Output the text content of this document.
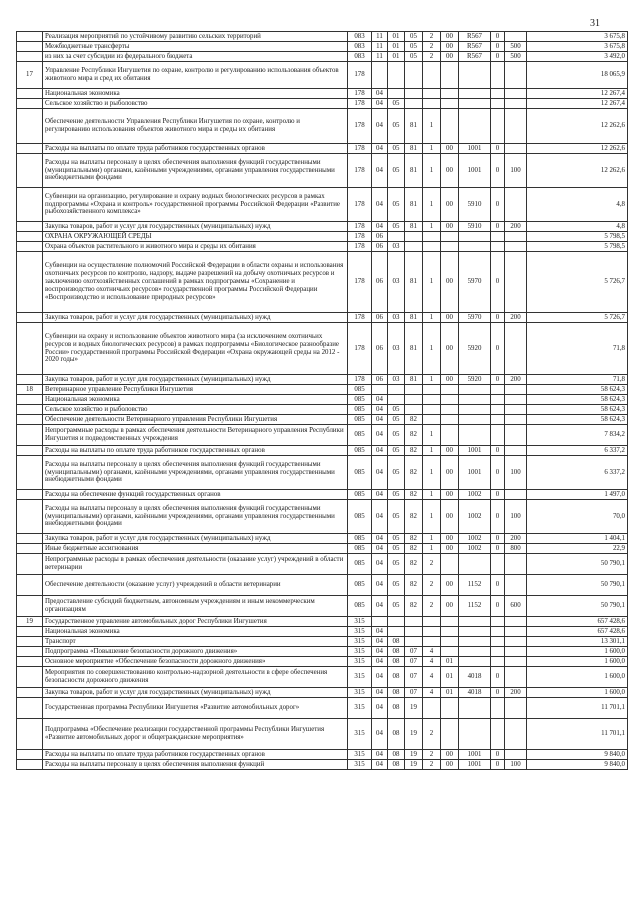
31
	Реализация мероприятий по устойчивому развитию сельских территорий	083	11	01	05	2	00	R567	0		3 675,8
	Межбюджетные трансферты	083	11	01	05	2	00	R567	0	500	3 675,8
	из них за счет субсидии из федерального бюджета	083	11	01	05	2	00	R567	0	500	3 492,0
17	Управление Республики Ингушетия по охране, контролю и регулированию использования объектов животного мира и сред их обитания	178									18 065,9
	Национальная экономика	178	04								12 267,4
	Сельское хозяйство и рыболовство	178	04	05							12 267,4
	Обеспечение деятельности Управления Республики Ингушетия по охране, контролю и регулированию использования объектов животного мира и среды их обитания	178	04	05	81	1					12 262,6
	Расходы на выплаты по оплате труда работников государственных органов	178	04	05	81	1	00	1001	0		12 262,6
	Расходы на выплаты персоналу в целях обеспечения выполнения функций государственными (муниципальными) органами, казёнными учреждениями, органами управления государственными внебюджетными фондами	178	04	05	81	1	00	1001	0	100	12 262,6
	Субвенции на организацию, регулирование и охрану водных биологических ресурсов в рамках подпрограммы «Охрана и контроль» государственной программы Российской Федерации «Развитие рыбохозяйственного комплекса»	178	04	05	81	1	00	5910	0		4,8
	Закупка товаров, работ и услуг для государственных (муниципальных) нужд	178	04	05	81	1	00	5910	0	200	4,8
	ОХРАНА ОКРУЖАЮЩЕЙ СРЕДЫ	178	06								5 798,5
	Охрана объектов растительного и животного мира и среды их обитания	178	06	03							5 798,5
	Субвенции на осуществление полномочий Российской Федерации в области охраны и использования охотничьих ресурсов по контролю, надзору, выдаче разрешений на добычу охотничьих ресурсов и заключению охотхозяйственных соглашений в рамках подпрограммы «Сохранение и воспроизводство охотничьих ресурсов» государственной программы Российской Федерации «Воспроизводство и использование природных ресурсов»	178	06	03	81	1	00	5970	0		5 726,7
	Закупка товаров, работ и услуг для государственных (муниципальных) нужд	178	06	03	81	1	00	5970	0	200	5 726,7
	Субвенции на охрану и использование объектов животного мира (за исключением охотничьих ресурсов и водных биологических ресурсов) в рамках подпрограммы «Биологическое разнообразие России» государственной программы Российской Федерации «Охрана окружающей среды на 2012 - 2020 годы»	178	06	03	81	1	00	5920	0		71,8
	Закупка товаров, работ и услуг для государственных (муниципальных) нужд	178	06	03	81	1	00	5920	0	200	71,8
18	Ветеринарное управление Республики Ингушетия	085									58 624,3
	Национальная экономика	085	04								58 624,3
	Сельское хозяйство и рыболовство	085	04	05							58 624,3
	Обеспечение деятельности Ветеринарного управления Республики Ингушетия	085	04	05	82						58 624,3
	Непрограммные расходы в рамках обеспечения деятельности Ветеринарного управления Республики Ингушетия и подведомственных учреждения	085	04	05	82	1					7 834,2
	Расходы на выплаты по оплате труда работников государственных органов	085	04	05	82	1	00	1001	0		6 337,2
	Расходы на выплаты персоналу в целях обеспечения выполнения функций государственными (муниципальными) органами, казёнными учреждениями, органами управления государственными внебюджетными фондами	085	04	05	82	1	00	1001	0	100	6 337,2
	Расходы на обеспечение функций государственных органов	085	04	05	82	1	00	1002	0		1 497,0
	Расходы на выплаты персоналу в целях обеспечения выполнения функций государственными (муниципальными) органами, казёнными учреждениями, органами управления государственными внебюджетными фондами	085	04	05	82	1	00	1002	0	100	70,0
	Закупка товаров, работ и услуг для государственных (муниципальных) нужд	085	04	05	82	1	00	1002	0	200	1 404,1
	Иные бюджетные ассигнования	085	04	05	82	1	00	1002	0	800	22,9
	Непрограммные расходы в рамках обеспечения деятельности (оказание услуг) учреждений в области ветеринарии	085	04	05	82	2					50 790,1
	Обеспечение деятельности (оказание услуг) учреждений в области ветеринарии	085	04	05	82	2	00	1152	0		50 790,1
	Предоставление субсидий бюджетным, автономным учреждениям и иным некоммерческим организациям	085	04	05	82	2	00	1152	0	600	50 790,1
19	Государственное управление автомобильных дорог Республики Ингушетия	315									657 428,6
	Национальная экономика	315	04								657 428,6
	Транспорт	315	04	08							13 301,1
	Подпрограмма «Повышение безопасности дорожного движения»	315	04	08	07	4					1 600,0
	Основное мероприятие «Обеспечение безопасности дорожного движения»	315	04	08	07	4	01				1 600,0
	Мероприятия по совершенствованию контрольно-надзорной деятельности в сфере обеспечения безопасности дорожного движения	315	04	08	07	4	01	4018	0		1 600,0
	Закупка товаров, работ и услуг для государственных (муниципальных) нужд	315	04	08	07	4	01	4018	0	200	1 600,0
	Государственная программа Республики Ингушетия «Развитие автомобильных дорог»	315	04	08	19						11 701,1
	Подпрограмма «Обеспечение реализации государственной программы Республики Ингушетия «Развитие автомобильных дорог и общегражданские мероприятия»	315	04	08	19	2					11 701,1
	Расходы на выплаты по оплате труда работников государственных органов	315	04	08	19	2	00	1001	0		9 840,0
	Расходы на выплаты персоналу в целях обеспечения выполнения функций	315	04	08	19	2	00	1001	0	100	9 840,0
